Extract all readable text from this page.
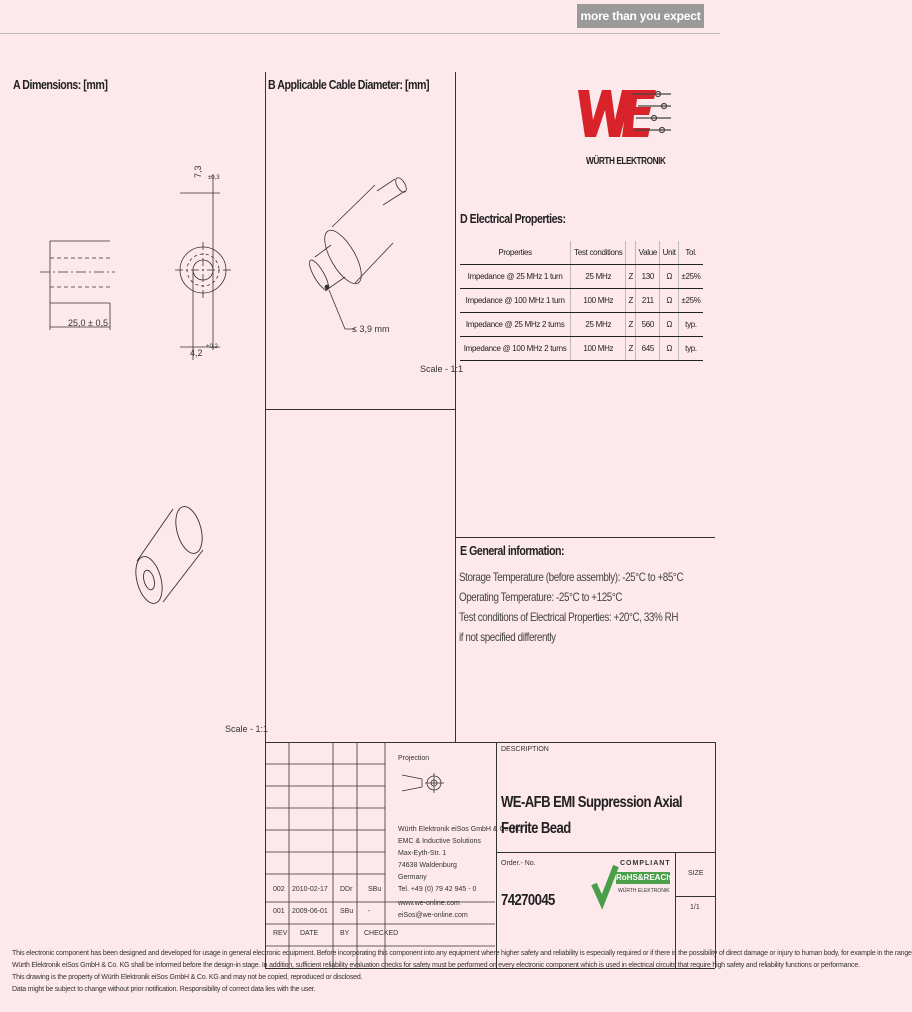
more than you expect
A Dimensions: [mm]	B Applicable Cable Diameter: [mm]
D Electrical Properties:
E General information:
WÜRTH ELEKTRONIK
25,0 ± 0,5
7,3 ±0,3
4,2
+0,2
≤ 3,9 mm
Scale - 1:1
Scale - 1:1
Properties	Test conditions		Value	Unit	Tol.
Impedance @ 25 MHz 1 turn	25 MHz	Z	130	Ω	±25%
Impedance @ 100 MHz 1 turn	100 MHz	Z	211	Ω	±25%
Impedance @ 25 MHz 2 turns	25 MHz	Z	560	Ω	typ.
Impedance @ 100 MHz 2 turns	100 MHz	Z	645	Ω	typ.
Storage Temperature (before assembly): -25°C to +85°C
Operating Temperature: -25°C to +125°C
Test conditions of Electrical Properties: +20°C, 33% RH
if not specified differently
002 2010-02-17 DDr SBu
001 2009-06-01 SBu -
REV DATE	BY CHECKED
Projection
Würth Elektronik eiSos GmbH & Co. KG
EMC & Inductive Solutions
Max-Eyth-Str. 1
74638 Waldenburg
Germany
Tel. +49 (0) 79 42 945 - 0
www.we-online.com
eiSos@we-online.com
DESCRIPTION
WE-AFB EMI Suppression Axial Ferrite Bead
Order.- No.
74270045
SIZE
1/1
COMPLIANT
RoHS&REACh
WÜRTH ELEKTRONIK
This electronic component has been designed and developed for usage in general electronic equipment. Before incorporating this component into any equipment where higher safety and reliability is especially required or if there is the possibility of direct damage or injury to human body, for example in the range
Würth Elektronik eiSos GmbH & Co. KG shall be informed before the design-in stage. In addition, sufficient reliability evaluation checks for safety must be performed on every electronic component which is used in electrical circuits that require high safety and reliability functions or performance.
This drawing is the property of Würth Elektronik eiSos GmbH & Co. KG and may not be copied, reproduced or disclosed.
Data might be subject to change without prior notification. Responsibility of correct data lies with the user.
